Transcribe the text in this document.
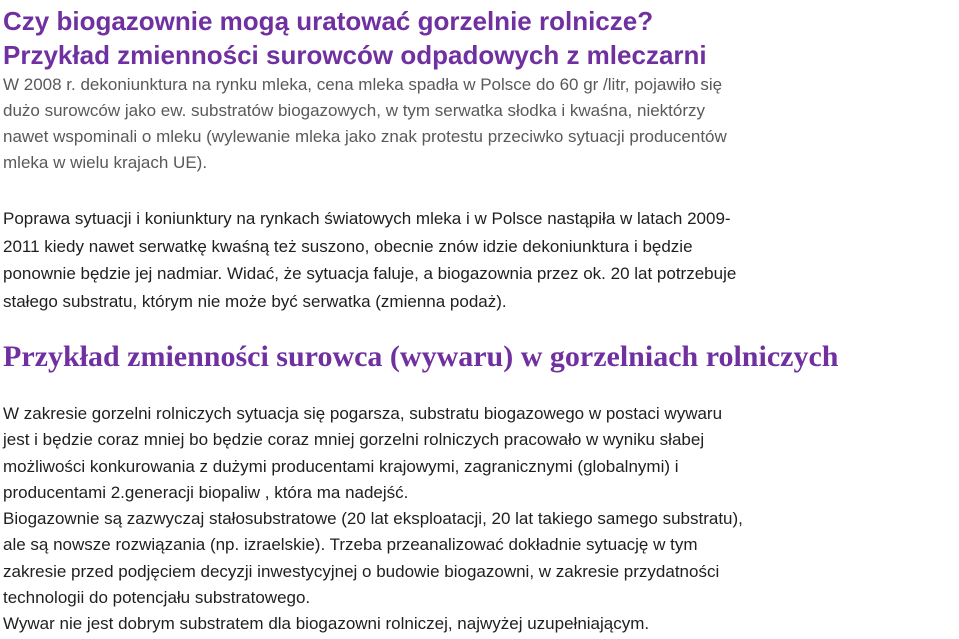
Czy biogazownie mogą uratować gorzelnie rolnicze?
Przykład zmienności surowców odpadowych z mleczarni
W 2008 r. dekoniunktura na rynku mleka, cena mleka spadła w Polsce do 60 gr /litr, pojawiło się
dużo surowców jako ew. substratów biogazowych, w tym serwatka słodka i kwaśna, niektórzy
nawet wspominali o mleku (wylewanie mleka jako znak protestu przeciwko sytuacji producentów
mleka w wielu krajach UE).
Poprawa sytuacji i koniunktury na rynkach światowych mleka i w Polsce nastąpiła w latach 2009-
2011 kiedy nawet serwatkę kwaśną też suszono, obecnie znów idzie dekoniunktura i będzie
ponownie będzie jej nadmiar. Widać, że sytuacja faluje, a biogazownia przez ok. 20 lat potrzebuje
stałego substratu, którym nie może być serwatka (zmienna podaż).
Przykład zmienności surowca (wywaru) w gorzelniach rolniczych
W zakresie gorzelni rolniczych sytuacja się pogarsza, substratu biogazowego w postaci wywaru
jest i będzie coraz mniej bo będzie coraz mniej gorzelni rolniczych pracowało w wyniku słabej
możliwości konkurowania z dużymi producentami krajowymi, zagranicznymi (globalnymi) i
producentami 2.generacji biopaliw , która ma nadejść.
Biogazownie są zazwyczaj stałosubstratowe (20 lat eksploatacji, 20 lat takiego samego substratu),
ale są nowsze rozwiązania (np. izraelskie). Trzeba przeanalizować dokładnie sytuację w tym
zakresie przed podjęciem decyzji inwestycyjnej o budowie biogazowni, w zakresie przydatności
technologii do potencjału substratowego.
Wywar nie jest dobrym substratem dla biogazowni rolniczej, najwyżej uzupełniającym.
